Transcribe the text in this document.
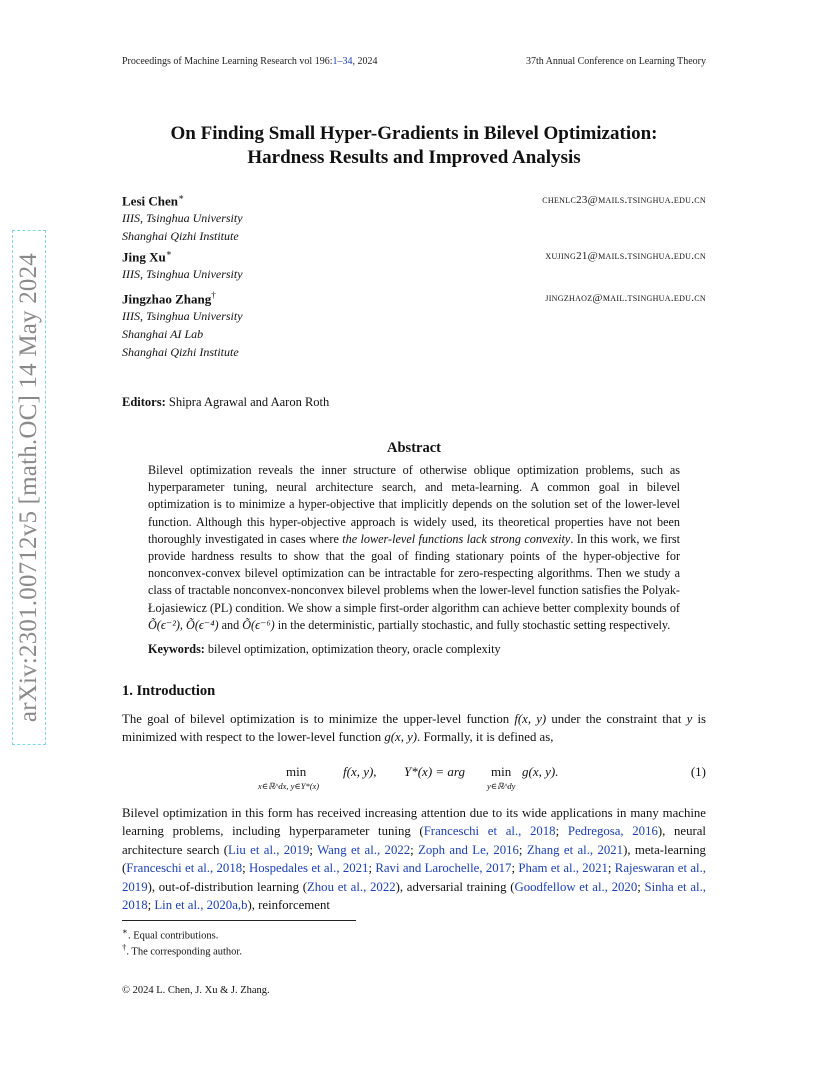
Proceedings of Machine Learning Research vol 196:1–34, 2024	37th Annual Conference on Learning Theory
arXiv:2301.00712v5 [math.OC] 14 May 2024
On Finding Small Hyper-Gradients in Bilevel Optimization:
Hardness Results and Improved Analysis
Lesi Chen∗
IIIS, Tsinghua University
Shanghai Qizhi Institute
chenlc23@mails.tsinghua.edu.cn
Jing Xu∗
IIIS, Tsinghua University
xujing21@mails.tsinghua.edu.cn
Jingzhao Zhang†
IIIS, Tsinghua University
Shanghai AI Lab
Shanghai Qizhi Institute
jingzhaoz@mail.tsinghua.edu.cn
Editors: Shipra Agrawal and Aaron Roth
Abstract
Bilevel optimization reveals the inner structure of otherwise oblique optimization problems, such as hyperparameter tuning, neural architecture search, and meta-learning. A common goal in bilevel optimization is to minimize a hyper-objective that implicitly depends on the solution set of the lower-level function. Although this hyper-objective approach is widely used, its theoretical properties have not been thoroughly investigated in cases where the lower-level functions lack strong convexity. In this work, we first provide hardness results to show that the goal of finding stationary points of the hyper-objective for nonconvex-convex bilevel optimization can be intractable for zero-respecting algorithms. Then we study a class of tractable nonconvex-nonconvex bilevel problems when the lower-level function satisfies the Polyak-Łojasiewicz (PL) condition. We show a simple first-order algorithm can achieve better complexity bounds of Õ(ϵ⁻²), Õ(ϵ⁻⁴) and Õ(ϵ⁻⁶) in the deterministic, partially stochastic, and fully stochastic setting respectively.
Keywords: bilevel optimization, optimization theory, oracle complexity
1. Introduction
The goal of bilevel optimization is to minimize the upper-level function f(x, y) under the constraint that y is minimized with respect to the lower-level function g(x, y). Formally, it is defined as,
min
x∈ℝ^dx, y∈Y*(x)
f(x, y), Y*(x) = arg min
y∈ℝ^dy
g(x, y).	(1)
Bilevel optimization in this form has received increasing attention due to its wide applications in many machine learning problems, including hyperparameter tuning (Franceschi et al., 2018; Pedregosa, 2016), neural architecture search (Liu et al., 2019; Wang et al., 2022; Zoph and Le, 2016; Zhang et al., 2021), meta-learning (Franceschi et al., 2018; Hospedales et al., 2021; Ravi and Larochelle, 2017; Pham et al., 2021; Rajeswaran et al., 2019), out-of-distribution learning (Zhou et al., 2022), adversarial training (Goodfellow et al., 2020; Sinha et al., 2018; Lin et al., 2020a,b), reinforcement
∗. Equal contributions.
†. The corresponding author.
© 2024 L. Chen, J. Xu & J. Zhang.
